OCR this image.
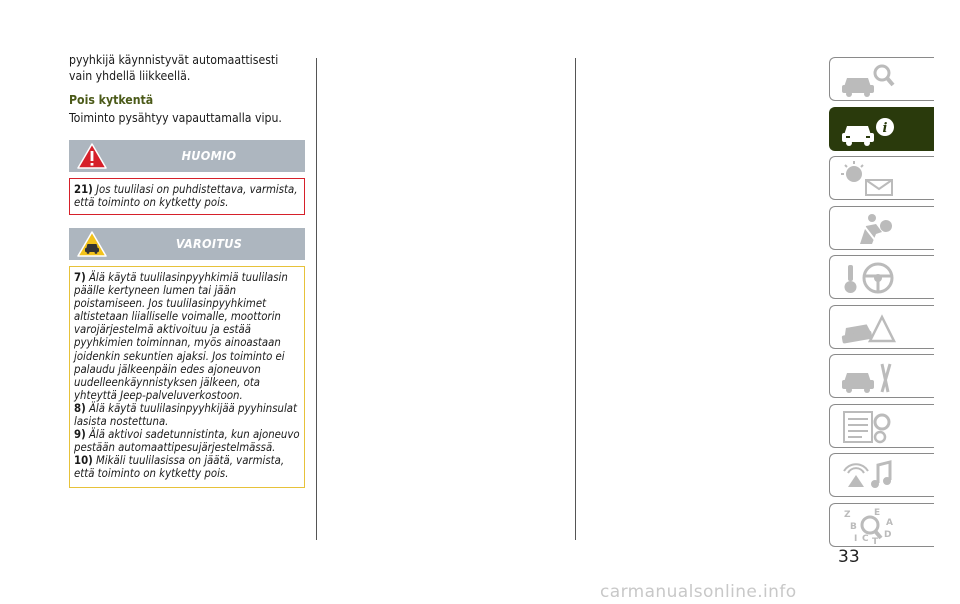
pyyhkijä käynnistyvät automaattisesti

vain yhdellä liikkeellä.

Pois kytkentä

Toiminto pysähtyy vapauttamalla vipu.

HUOMIO

21) Jos tuulilasi on puhdistettava, varmista, että toiminto on kytketty pois.

VAROITUS

7) Älä käytä tuulilasinpyyhkimiä tuulilasin päälle kertyneen lumen tai jään poistamiseen. Jos tuulilasinpyyhkimet altistetaan liialliselle voimalle, moottorin varojärjestelmä aktivoituu ja estää pyyhkimien toiminnan, myös ainoastaan joidenkin sekuntien ajaksi. Jos toiminto ei palaudu jälkeenpäin edes ajoneuvon uudelleenkäynnistyksen jälkeen, ota yhteyttä Jeep-palveluverkostoon.

8) Älä käytä tuulilasinpyyhkijää pyyhinsulat lasista nostettuna.

9) Älä aktivoi sadetunnistinta, kun ajoneuvo pestään automaattipesujärjestelmässä.

10) Mikäli tuulilasissa on jäätä, varmista, että toiminto on kytketty pois.

i
Z	E
B	A
I C D
T
33
carmanualsonline.info
